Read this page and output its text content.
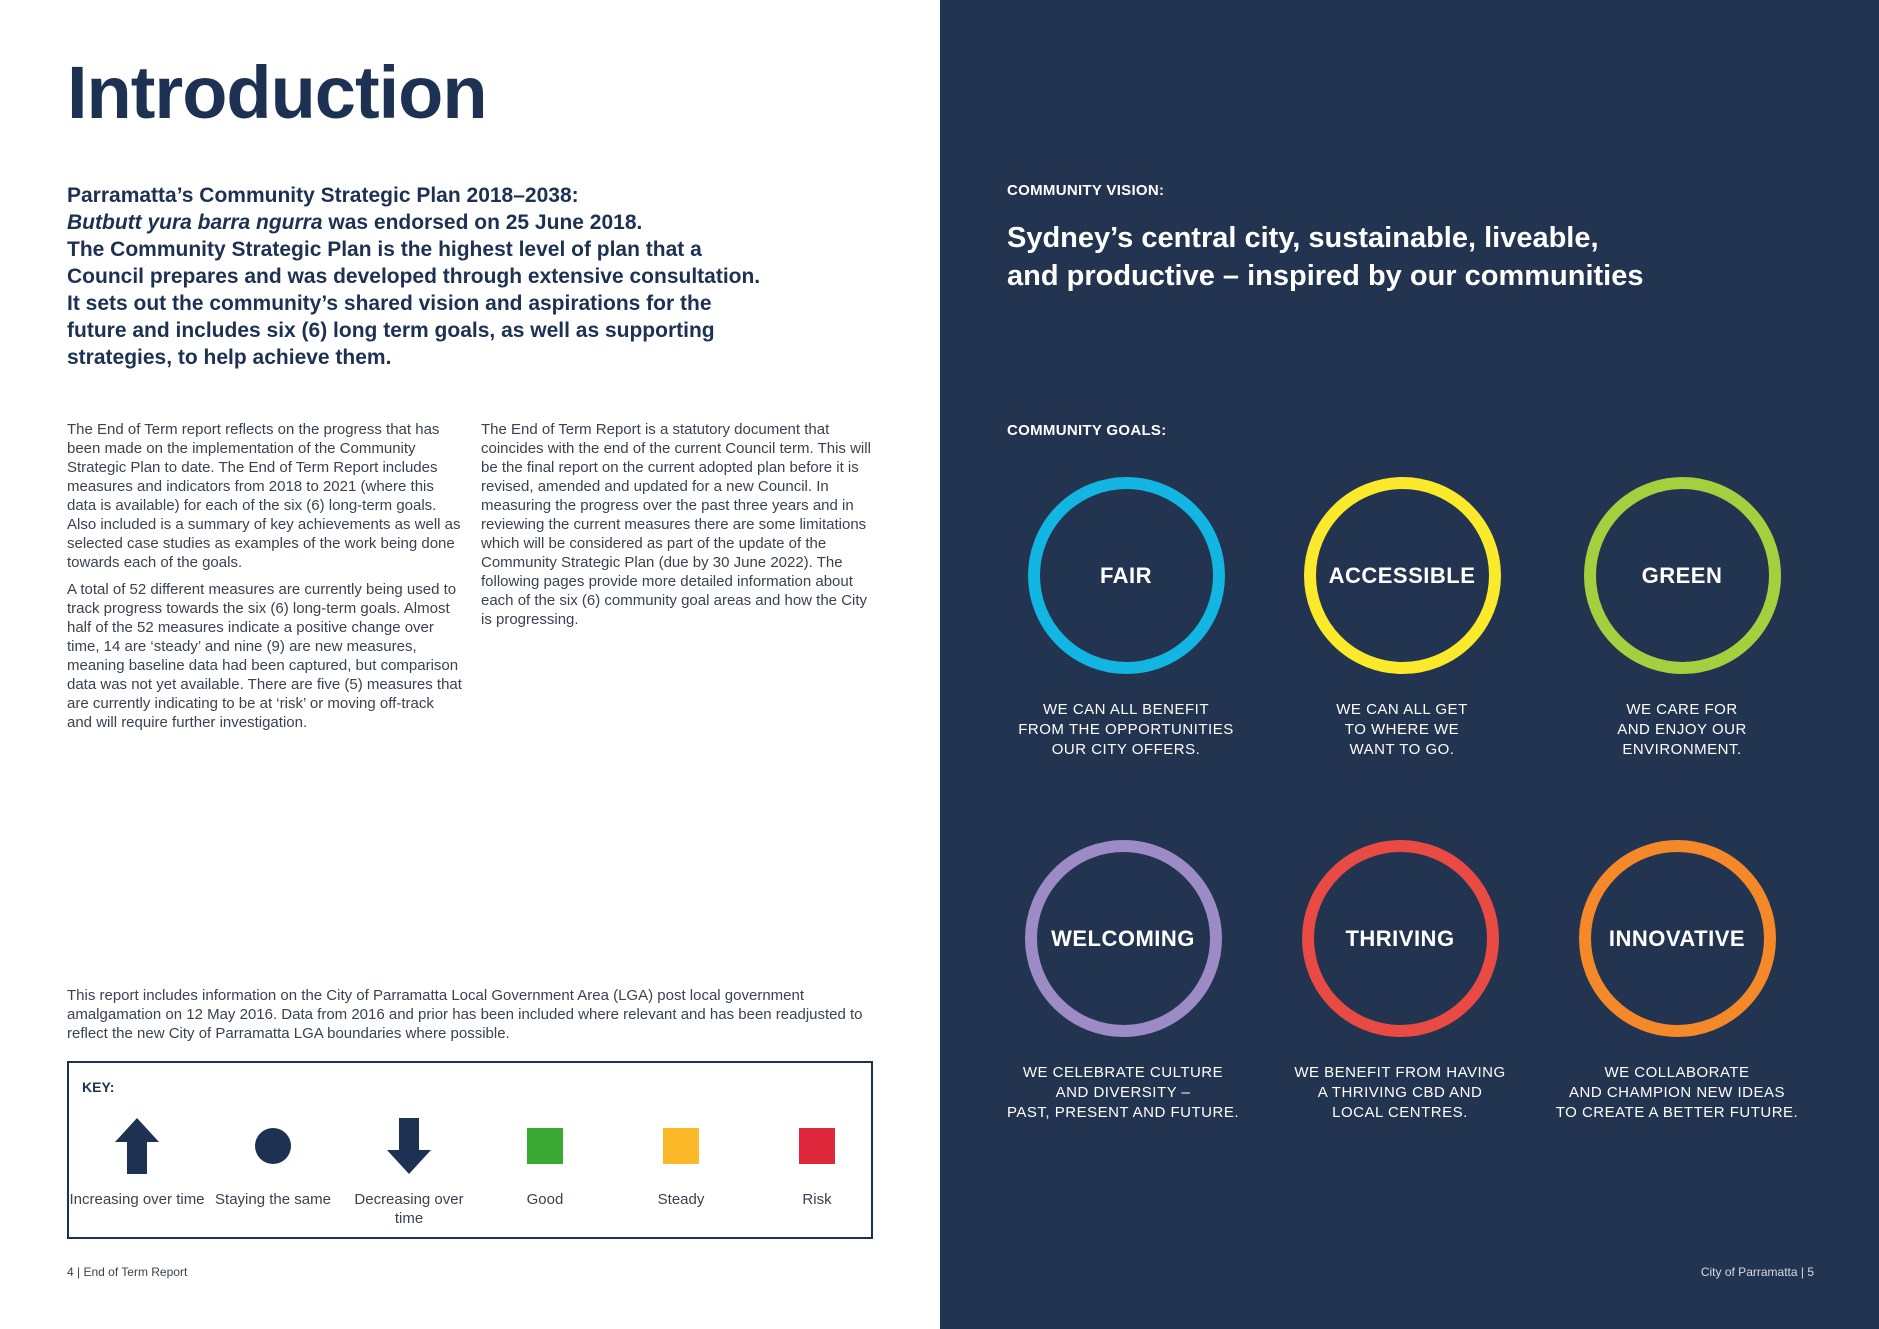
Introduction

Parramatta’s Community Strategic Plan 2018–2038:

Butbutt yura barra ngurra was endorsed on 25 June 2018.

The Community Strategic Plan is the highest level of plan that a Council prepares and was developed through extensive consultation. It sets out the community’s shared vision and aspirations for the future and includes six (6) long term goals, as well as supporting strategies, to help achieve them.

The End of Term report reflects on the progress that has been made on the implementation of the Community Strategic Plan to date. The End of Term Report includes measures and indicators from 2018 to 2021 (where this data is available) for each of the six (6) long-term goals. Also included is a summary of key achievements as well as selected case studies as examples of the work being done towards each of the goals.

A total of 52 different measures are currently being used to track progress towards the six (6) long-term goals. Almost half of the 52 measures indicate a positive change over time, 14 are ‘steady’ and nine (9) are new measures, meaning baseline data had been captured, but comparison data was not yet available. There are five (5) measures that are currently indicating to be at ‘risk’ or moving off-track and will require further investigation.

The End of Term Report is a statutory document that coincides with the end of the current Council term. This will be the final report on the current adopted plan before it is revised, amended and updated for a new Council. In measuring the progress over the past three years and in reviewing the current measures there are some limitations which will be considered as part of the update of the Community Strategic Plan (due by 30 June 2022). The following pages provide more detailed information about each of the six (6) community goal areas and how the City is progressing.

This report includes information on the City of Parramatta Local Government Area (LGA) post local government amalgamation on 12 May 2016. Data from 2016 and prior has been included where relevant and has been readjusted to reflect the new City of Parramatta LGA boundaries where possible.

KEY:
Increasing over time Staying the same	Decreasing over time
Good	Steady	Risk
4 | End of Term Report
COMMUNITY VISION:

Sydney’s central city, sustainable, liveable,
and productive – inspired by our communities

COMMUNITY GOALS:
FAIR
WE CAN ALL BENEFIT
FROM THE OPPORTUNITIES
OUR CITY OFFERS.
ACCESSIBLE
WE CAN ALL GET
TO WHERE WE
WANT TO GO.
GREEN
WE CARE FOR
AND ENJOY OUR
ENVIRONMENT.
WELCOMING
WE CELEBRATE CULTURE
AND DIVERSITY –
PAST, PRESENT AND FUTURE.
THRIVING
WE BENEFIT FROM HAVING
A THRIVING CBD AND
LOCAL CENTRES.
INNOVATIVE
WE COLLABORATE
AND CHAMPION NEW IDEAS
TO CREATE A BETTER FUTURE.
City of Parramatta | 5
